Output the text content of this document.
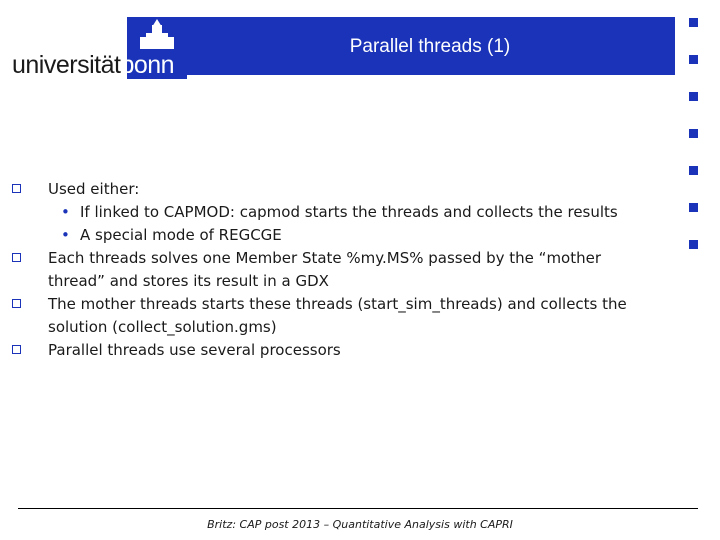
universitätbonn
Parallel threads (1)
Used either:
• If linked to CAPMOD: capmod starts the threads and collects the results
• A special mode of REGCGE
Each threads solves one Member State %my.MS% passed by the “mother
thread” and stores its result in a GDX
The mother threads starts these threads (start_sim_threads) and collects the
solution (collect_solution.gms)
Parallel threads use several processors
Britz: CAP post 2013 – Quantitative Analysis with CAPRI
